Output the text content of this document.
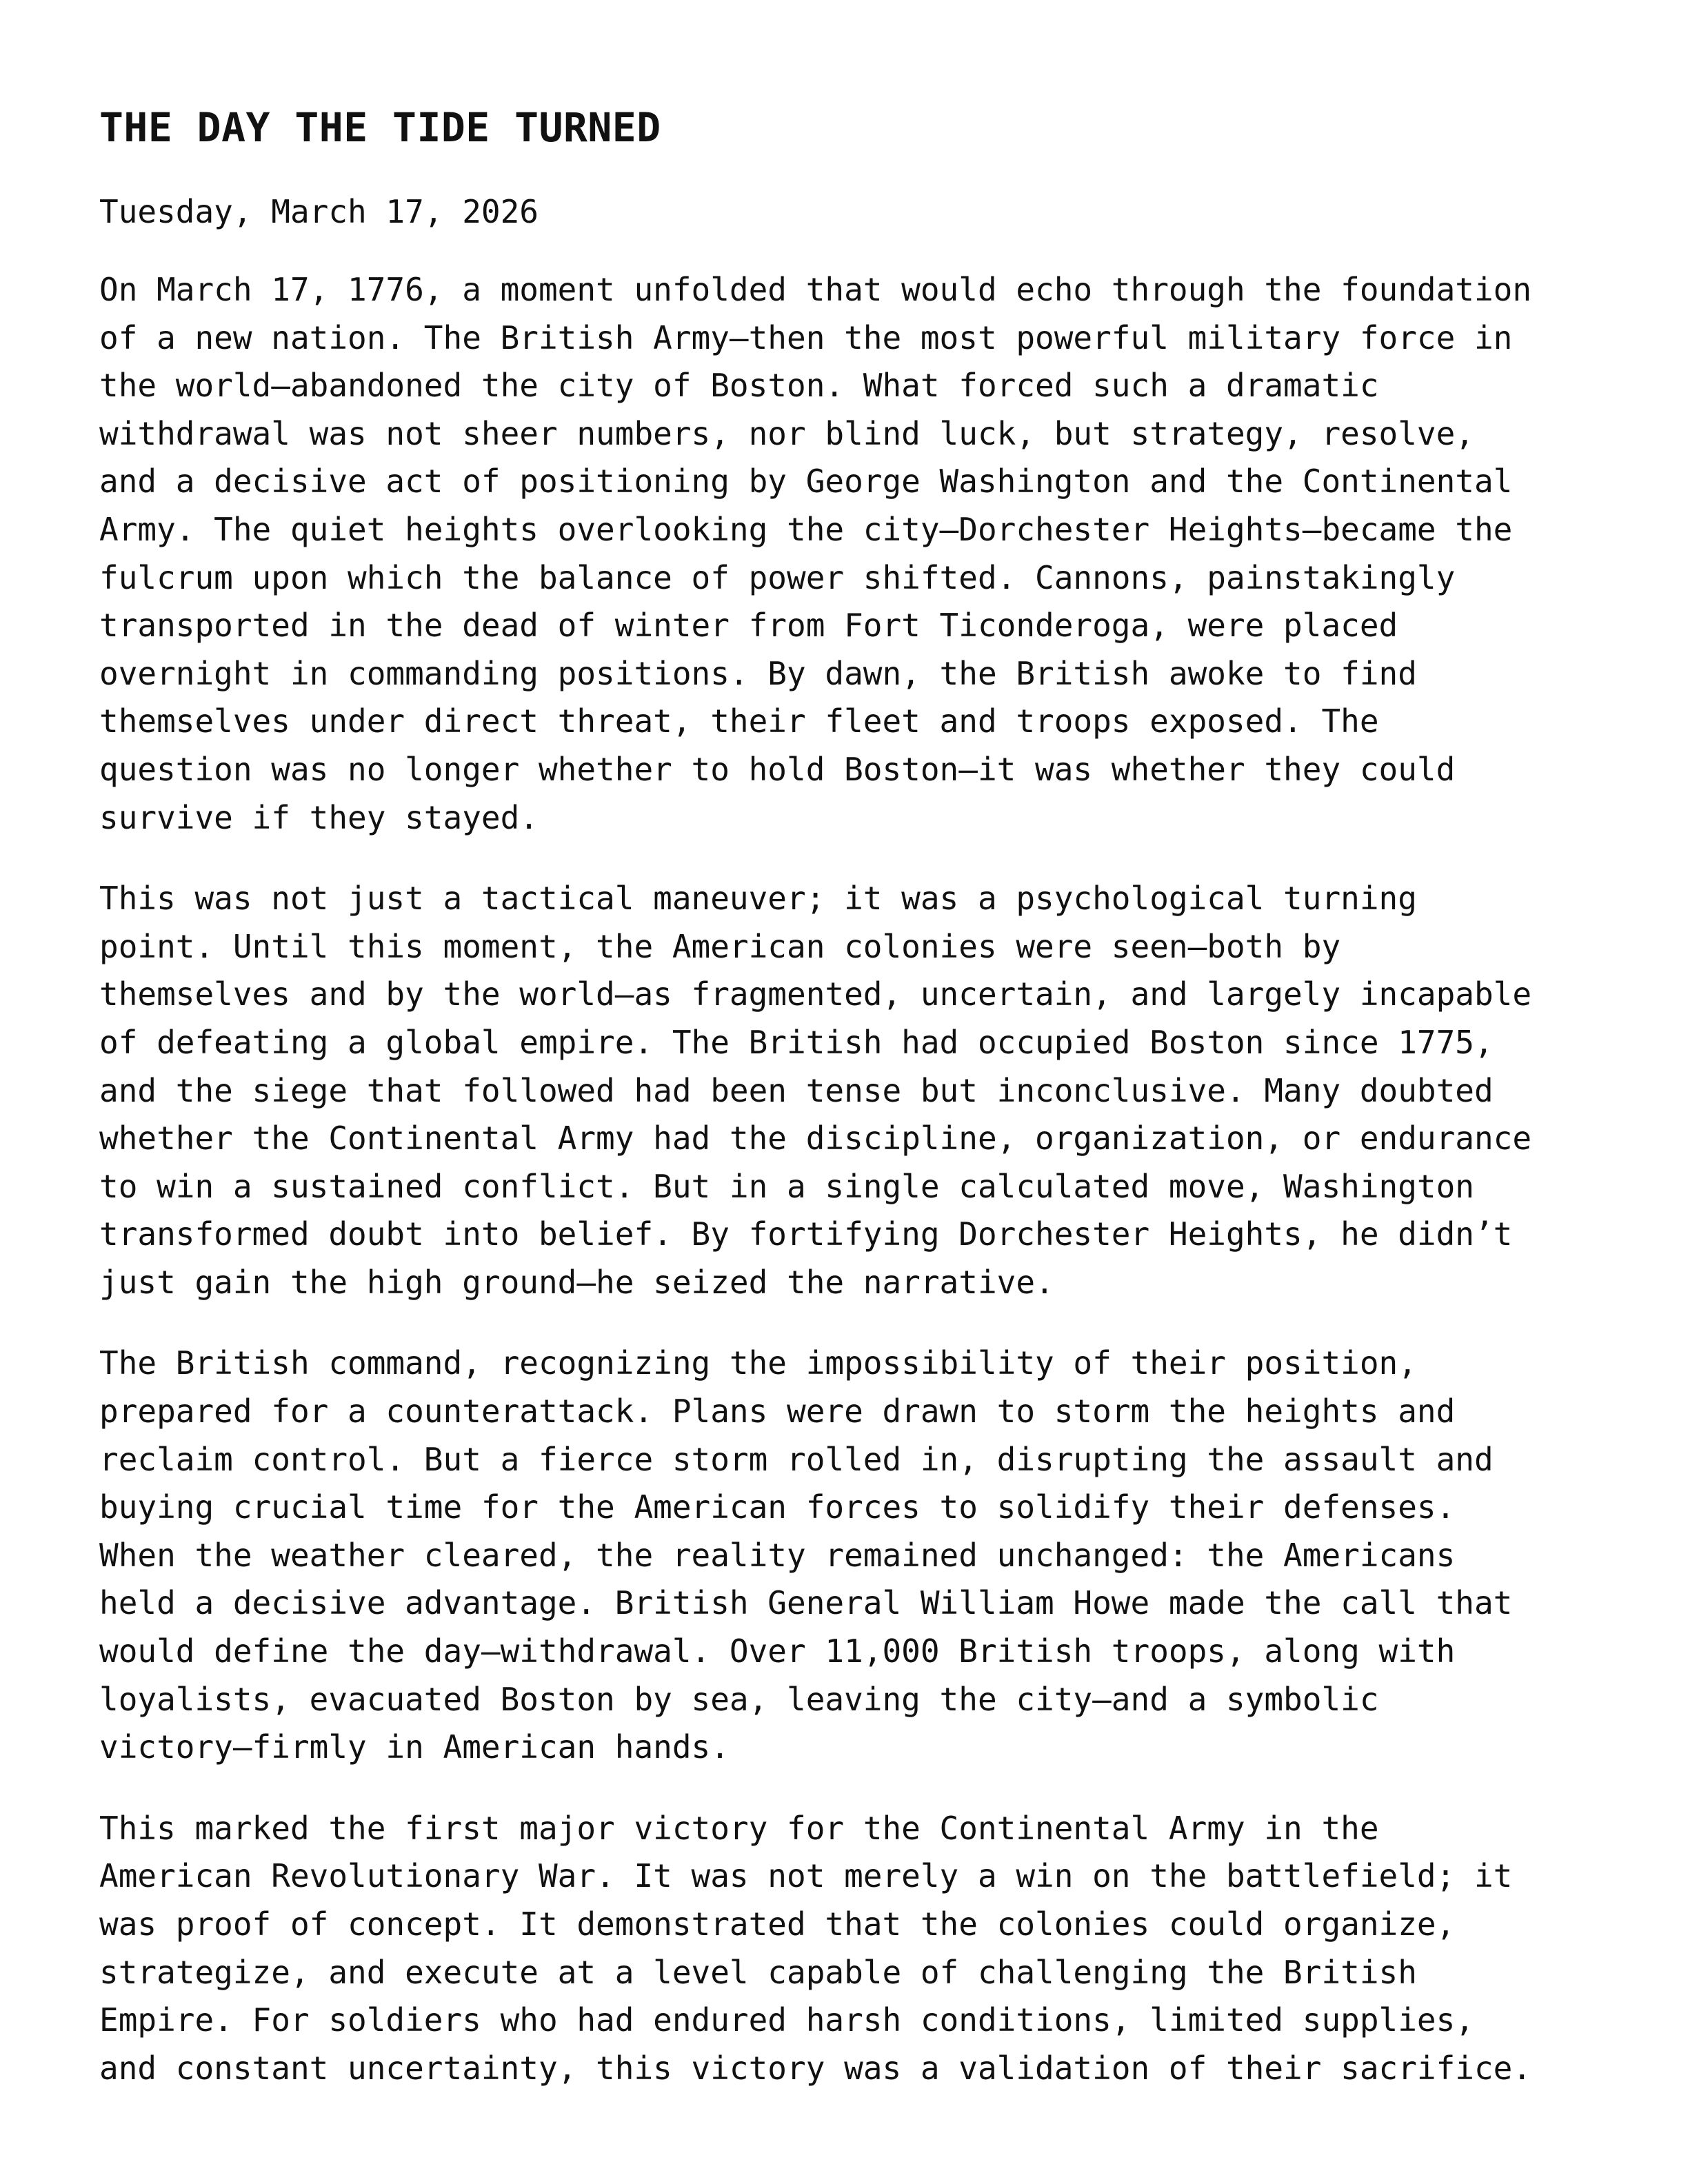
THE DAY THE TIDE TURNED

Tuesday, March 17, 2026

On March 17, 1776, a moment unfolded that would echo through the foundation
of a new nation. The British Army—then the most powerful military force in
the world—abandoned the city of Boston. What forced such a dramatic
withdrawal was not sheer numbers, nor blind luck, but strategy, resolve,
and a decisive act of positioning by George Washington and the Continental
Army. The quiet heights overlooking the city—Dorchester Heights—became the
fulcrum upon which the balance of power shifted. Cannons, painstakingly
transported in the dead of winter from Fort Ticonderoga, were placed
overnight in commanding positions. By dawn, the British awoke to find
themselves under direct threat, their fleet and troops exposed. The
question was no longer whether to hold Boston—it was whether they could
survive if they stayed.

This was not just a tactical maneuver; it was a psychological turning
point. Until this moment, the American colonies were seen—both by
themselves and by the world—as fragmented, uncertain, and largely incapable
of defeating a global empire. The British had occupied Boston since 1775,
and the siege that followed had been tense but inconclusive. Many doubted
whether the Continental Army had the discipline, organization, or endurance
to win a sustained conflict. But in a single calculated move, Washington
transformed doubt into belief. By fortifying Dorchester Heights, he didn’t
just gain the high ground—he seized the narrative.

The British command, recognizing the impossibility of their position,
prepared for a counterattack. Plans were drawn to storm the heights and
reclaim control. But a fierce storm rolled in, disrupting the assault and
buying crucial time for the American forces to solidify their defenses.
When the weather cleared, the reality remained unchanged: the Americans
held a decisive advantage. British General William Howe made the call that
would define the day—withdrawal. Over 11,000 British troops, along with
loyalists, evacuated Boston by sea, leaving the city—and a symbolic
victory—firmly in American hands.

This marked the first major victory for the Continental Army in the
American Revolutionary War. It was not merely a win on the battlefield; it
was proof of concept. It demonstrated that the colonies could organize,
strategize, and execute at a level capable of challenging the British
Empire. For soldiers who had endured harsh conditions, limited supplies,
and constant uncertainty, this victory was a validation of their sacrifice.
